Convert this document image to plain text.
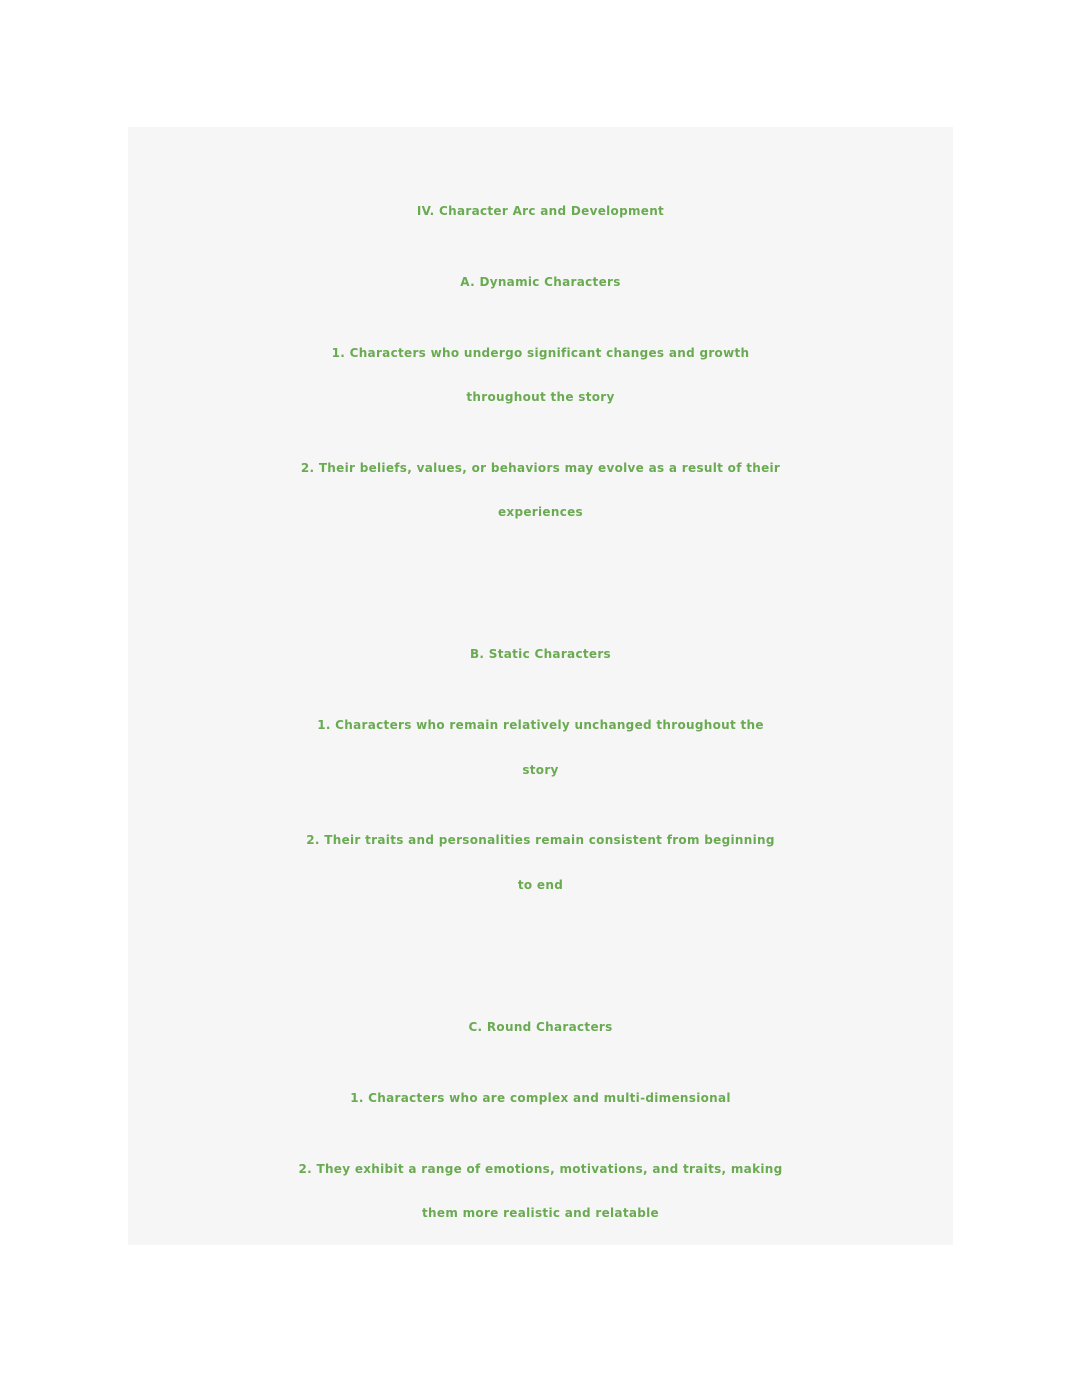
IV. Character Arc and Development
A. Dynamic Characters
1. Characters who undergo significant changes and growth
throughout the story
2. Their beliefs, values, or behaviors may evolve as a result of their
experiences
B. Static Characters
1. Characters who remain relatively unchanged throughout the
story
2. Their traits and personalities remain consistent from beginning
to end
C. Round Characters
1. Characters who are complex and multi-dimensional
2. They exhibit a range of emotions, motivations, and traits, making
them more realistic and relatable
